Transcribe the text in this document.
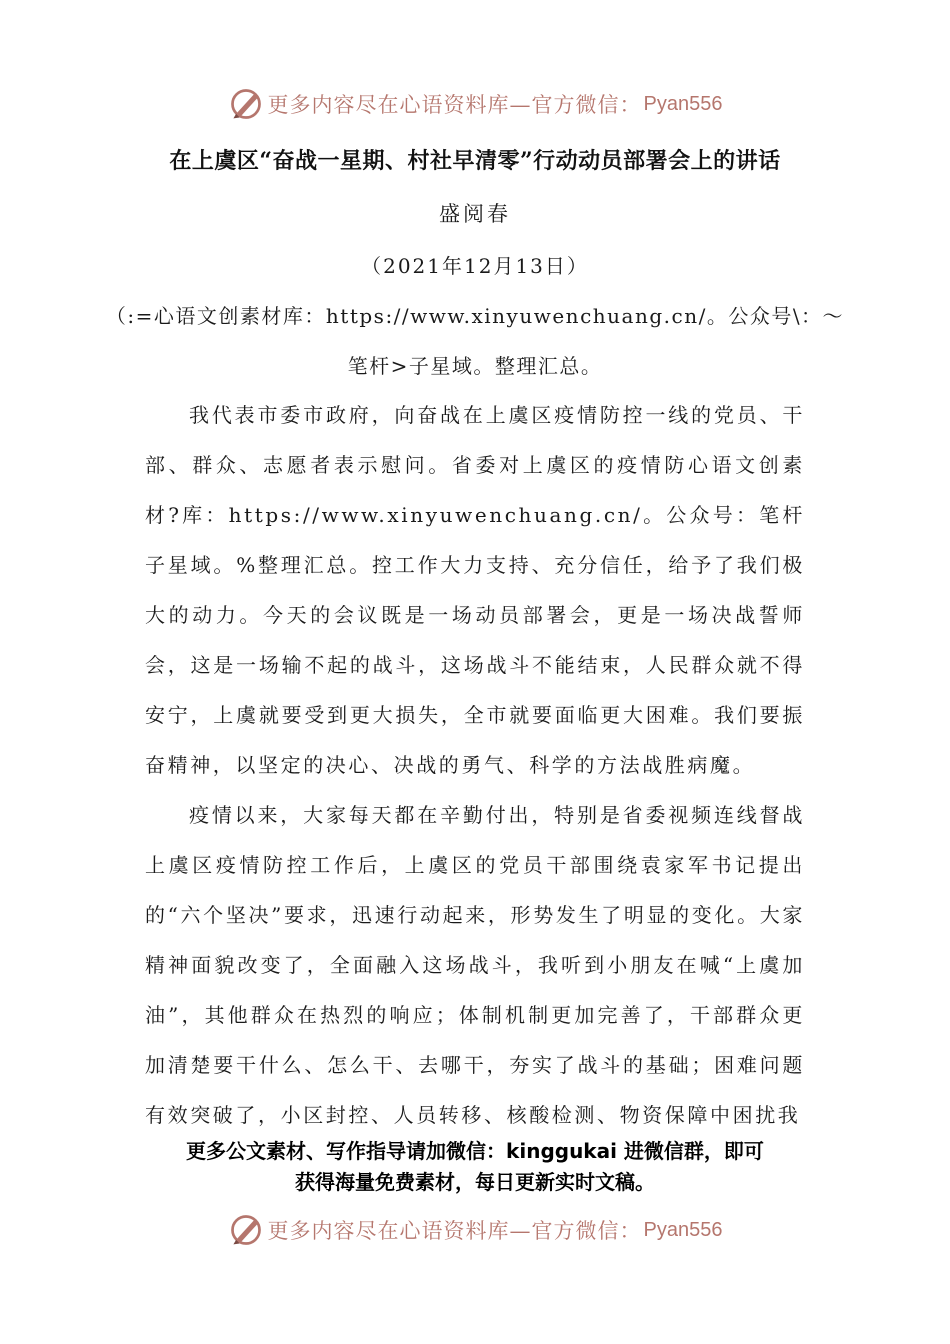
更多内容尽在心语资料库—官方微信： Pyan556
在上虞区“奋战一星期、村社早清零”行动动员部署会上的讲话
盛阅春
（2021年12月13日）
（:=心语文创素材库：https://www.xinyuwenchuang.cn/。公众号\：～
笔杆>子星域。整理汇总。

我代表市委市政府，向奋战在上虞区疫情防控一线的党员、干部、群众、志愿者表示慰问。省委对上虞区的疫情防心语文创素材?库：https://www.xinyuwenchuang.cn/。公众号：笔杆子星域。%整理汇总。控工作大力支持、充分信任，给予了我们极大的动力。今天的会议既是一场动员部署会，更是一场决战誓师会，这是一场输不起的战斗，这场战斗不能结束，人民群众就不得安宁，上虞就要受到更大损失，全市就要面临更大困难。我们要振奋精神，以坚定的决心、决战的勇气、科学的方法战胜病魔。

疫情以来，大家每天都在辛勤付出，特别是省委视频连线督战上虞区疫情防控工作后，上虞区的党员干部围绕袁家军书记提出的“六个坚决”要求，迅速行动起来，形势发生了明显的变化。大家精神面貌改变了，全面融入这场战斗，我听到小朋友在喊“上虞加油”，其他群众在热烈的响应；体制机制更加完善了，干部群众更加清楚要干什么、怎么干、去哪干，夯实了战斗的基础；困难问题有效突破了，小区封控、人员转移、核酸检测、物资保障中困扰我

更多公文素材、写作指导请加微信：kinggukai 进微信群，即可
获得海量免费素材，每日更新实时文稿。
更多内容尽在心语资料库—官方微信： Pyan556
